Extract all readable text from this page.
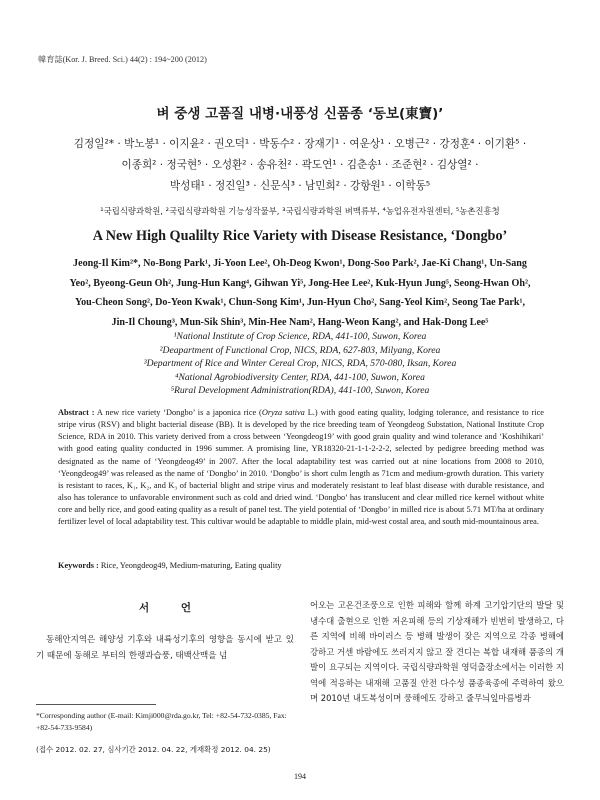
韓育誌(Kor. J. Breed. Sci.) 44(2) : 194~200 (2012)
벼 중생 고품질 내병·내풍성 신품종 ‘동보(東寶)’
김정일²* · 박노봉¹ · 이지윤² · 권오덕¹ · 박동수² · 장재기¹ · 여운상¹ · 오병근² · 강정훈⁴ · 이기환⁵ ·
이종희² · 정국현⁵ · 오성환² · 송유천² · 곽도연¹ · 김춘송¹ · 조준현² · 김상열² ·
박성태¹ · 정진일³ · 신문식³ · 남민희² · 강항원¹ · 이학동⁵
¹국립식량과학원, ²국립식량과학원 기능성작물부, ³국립식량과학원 벼맥류부, ⁴농업유전자원센터, ⁵농촌진흥청
A New High Qualilty Rice Variety with Disease Resistance, ‘Dongbo’
Jeong-Il Kim²*, No-Bong Park¹, Ji-Yoon Lee², Oh-Deog Kwon¹, Dong-Soo Park², Jae-Ki Chang¹, Un-Sang
Yeo², Byeong-Geun Oh², Jung-Hun Kang⁴, Gihwan Yi⁵, Jong-Hee Lee², Kuk-Hyun Jung⁵, Seong-Hwan Oh²,
You-Cheon Song², Do-Yeon Kwak¹, Chun-Song Kim¹, Jun-Hyun Cho², Sang-Yeol Kim², Seong Tae Park¹,
Jin-Il Choung³, Mun-Sik Shin³, Min-Hee Nam², Hang-Weon Kang², and Hak-Dong Lee⁵
¹National Institute of Crop Science, RDA, 441-100, Suwon, Korea
²Deapartment of Functional Crop, NICS, RDA, 627-803, Milyang, Korea
³Department of Rice and Winter Cereal Crop, NICS, RDA, 570-080, Iksan, Korea
⁴National Agrobiodiversity Center, RDA, 441-100, Suwon, Korea
⁵Rural Development Administration(RDA), 441-100, Suwon, Korea
Abstract : A new rice variety ‘Dongbo’ is a japonica rice (Oryza sativa L.) with good eating quality, lodging tolerance, and resistance to rice stripe virus (RSV) and blight bacterial disease (BB). It is developed by the rice breeding team of Yeongdeog Substation, National Institute Crop Science, RDA in 2010. This variety derived from a cross between ‘Yeongdeog19’ with good grain quality and wind tolerance and ‘Koshihikari’ with good eating quality conducted in 1996 summer. A promising line, YR18320-21-1-1-2-2-2, selected by pedigree breeding method was designated as the name of ‘Yeongdeog49’ in 2007. After the local adaptability test was carried out at nine locations from 2008 to 2010, ‘Yeongdeog49’ was released as the name of ‘Dongbo’ in 2010. ‘Dongbo’ is short culm length as 71cm and medium-growth duration. This variety is resistant to races, K₁, K₂, and K₃ of bacterial blight and stripe virus and moderately resistant to leaf blast disease with durable resistance, and also has tolerance to unfavorable environment such as cold and dried wind. ‘Dongbo’ has translucent and clear milled rice kernel without white core and belly rice, and good eating quality as a result of panel test. The yield potential of ‘Dongbo’ in milled rice is about 5.71 MT/ha at ordinary fertilizer level of local adaptability test. This cultivar would be adaptable to middle plain, mid-west costal area, and south mid-mountainous area.
Keywords : Rice, Yeongdeog49, Medium-maturing, Eating quality
서 언

동해안지역은 해양성 기후와 내륙성기후의 영향을 동시에 받고 있기 때문에 동해로 부터의 한랭과습풍, 태백산맥을 넘

*Corresponding author (E-mail: Kimji000@rda.go.kr, Tel: +82-54-732-0385, Fax: +82-54-733-9584)
(접수 2012. 02. 27, 심사기간 2012. 04. 22, 게재확정 2012. 04. 25)

어오는 고온건조풍으로 인한 피해와 함께 하계 고기압기단의 발달 및 냉수대 출현으로 인한 저온피해 등의 기상재해가 빈번히 발생하고, 다른 지역에 비해 바이러스 등 병해 발생이 잦은 지역으로 각종 병해에 강하고 거센 바람에도 쓰러지지 않고 잘 견디는 복합 내재해 품종의 개발이 요구되는 지역이다. 국립식량과학원 영덕출장소에서는 이러한 지역에 적응하는 내재해 고품질 안전 다수성 품종육종에 주력하여 왔으며 2010년 내도복성이며 풍해에도 강하고 줄무늬잎마름병과

194
